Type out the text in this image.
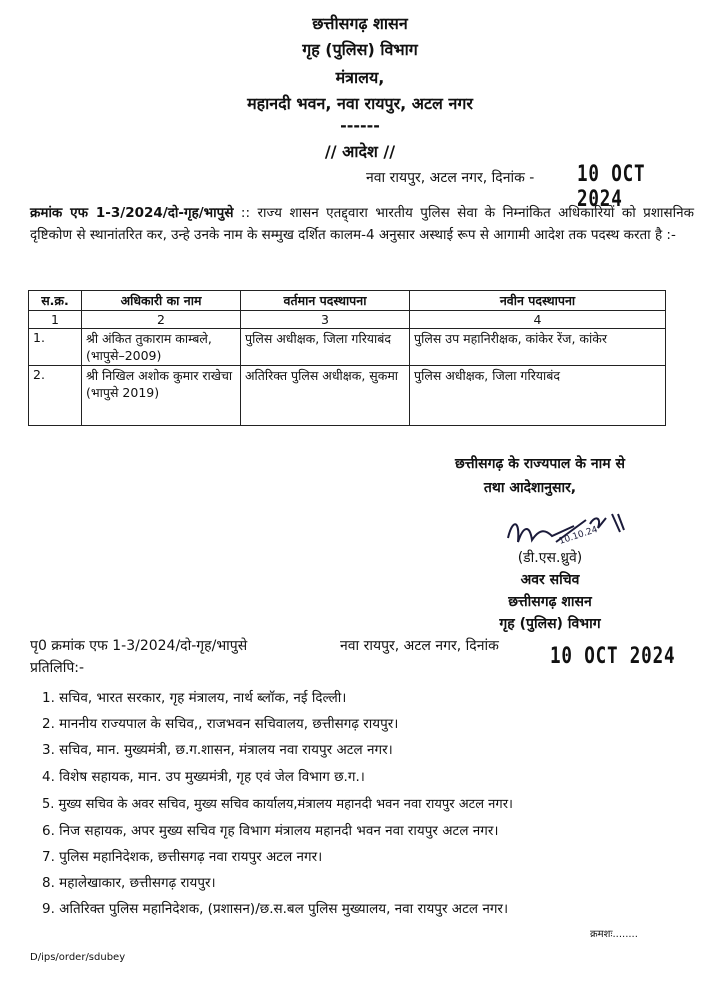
छत्तीसगढ़ शासन
गृह (पुलिस) विभाग
मंत्रालय,
महानदी भवन, नवा रायपुर, अटल नगर
------
// आदेश //
नवा रायपुर, अटल नगर, दिनांक - 10 OCT 2024
क्रमांक एफ 1-3/2024/दो-गृह/भापुसे :: राज्य शासन एतद्द्वारा भारतीय पुलिस सेवा के निम्नांकित अधिकारियों को प्रशासनिक दृष्टिकोण से स्थानांतरित कर, उन्हे उनके नाम के सम्मुख दर्शित कालम-4 अनुसार अस्थाई रूप से आगामी आदेश तक पदस्थ करता है :-
स.क्र.	अधिकारी का नाम	वर्तमान पदस्थापना	नवीन पदस्थापना
1	2	3	4
1.	श्री अंकित तुकाराम काम्बले, (भापुसे–2009)	पुलिस अधीक्षक, जिला गरियाबंद	पुलिस उप महानिरीक्षक, कांकेर रेंज, कांकेर
2.	श्री निखिल अशोक कुमार राखेचा (भापुसे 2019)	अतिरिक्त पुलिस अधीक्षक, सुकमा	पुलिस अधीक्षक, जिला गरियाबंद
छत्तीसगढ़ के राज्यपाल के नाम से
तथा आदेशानुसार,
10.10.24
(डी.एस.ध्रुवे)
अवर सचिव
छत्तीसगढ़ शासन
गृह (पुलिस) विभाग
पृ0 क्रमांक एफ 1-3/2024/दो-गृह/भापुसे	नवा रायपुर, अटल नगर, दिनांक 10 OCT 2024
प्रतिलिपि:-
1. सचिव, भारत सरकार, गृह मंत्रालय, नार्थ ब्लॉक, नई दिल्ली।
2. माननीय राज्यपाल के सचिव,, राजभवन सचिवालय, छत्तीसगढ़ रायपुर।
3. सचिव, मान. मुख्यमंत्री, छ.ग.शासन, मंत्रालय नवा रायपुर अटल नगर।
4. विशेष सहायक, मान. उप मुख्यमंत्री, गृह एवं जेल विभाग छ.ग.।
5. मुख्य सचिव के अवर सचिव, मुख्य सचिव कार्यालय,मंत्रालय महानदी भवन नवा रायपुर अटल नगर।
6. निज सहायक, अपर मुख्य सचिव गृह विभाग मंत्रालय महानदी भवन नवा रायपुर अटल नगर।
7. पुलिस महानिदेशक, छत्तीसगढ़ नवा रायपुर अटल नगर।
8. महालेखाकार, छत्तीसगढ़ रायपुर।
9. अतिरिक्त पुलिस महानिदेशक, (प्रशासन)/छ.स.बल पुलिस मुख्यालय, नवा रायपुर अटल नगर।
क्रमशः........
D/ips/order/sdubey
